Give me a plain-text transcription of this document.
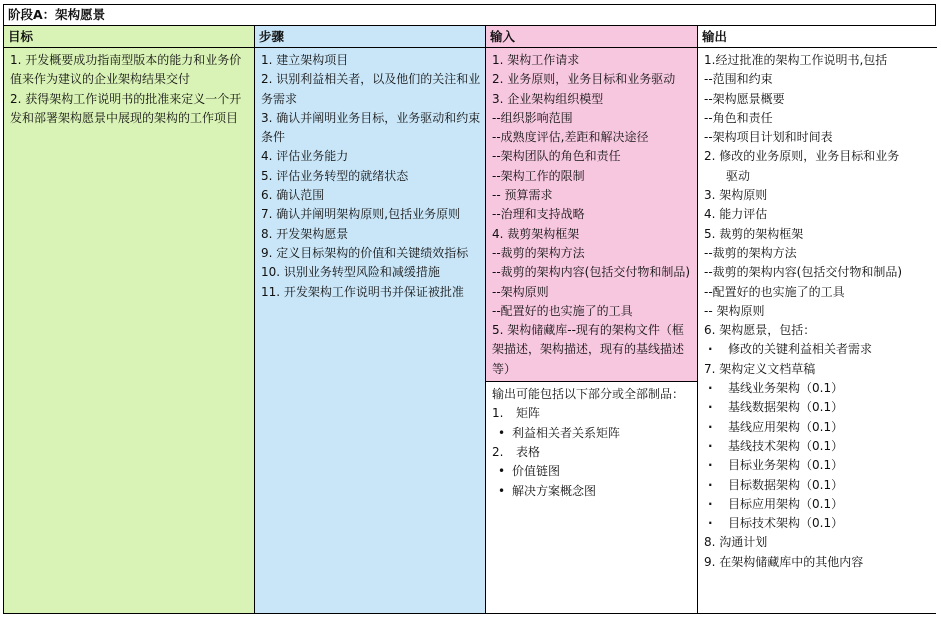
阶段A：架构愿景
目标
1. 开发概要成功指南型版本的能力和业务价值来作为建议的企业架构结果交付
2. 获得架构工作说明书的批准来定义一个开发和部署架构愿景中展现的架构的工作项目
步骤
1. 建立架构项目
2. 识别利益相关者，以及他们的关注和业务需求
3. 确认并阐明业务目标，业务驱动和约束条件
4. 评估业务能力
5. 评估业务转型的就绪状态
6. 确认范围
7. 确认并阐明架构原则,包括业务原则
8. 开发架构愿景
9. 定义目标架构的价值和关键绩效指标
10. 识别业务转型风险和减缓措施
11. 开发架构工作说明书并保证被批准
输入
1. 架构工作请求
2. 业务原则，业务目标和业务驱动
3. 企业架构组织模型
--组织影响范围
--成熟度评估,差距和解决途径
--架构团队的角色和责任
--架构工作的限制
-- 预算需求
--治理和支持战略
4. 裁剪架构框架
--裁剪的架构方法
--裁剪的架构内容(包括交付物和制品)
--架构原则
--配置好的也实施了的工具
5. 架构储藏库--现有的架构文件（框架描述，架构描述，现有的基线描述等）
输出可能包括以下部分或全部制品：
1. 矩阵
• 利益相关者关系矩阵
2. 表格
• 价值链图
• 解决方案概念图
输出
1.经过批准的架构工作说明书,包括
--范围和约束
--架构愿景概要
--角色和责任
--架构项目计划和时间表
2. 修改的业务原则，业务目标和业务
驱动
3. 架构原则
4. 能力评估
5. 裁剪的架构框架
--裁剪的架构方法
--裁剪的架构内容(包括交付物和制品)
--配置好的也实施了的工具
-- 架构原则
6. 架构愿景，包括：
· 修改的关键利益相关者需求
7. 架构定义文档草稿
· 基线业务架构（0.1）
· 基线数据架构（0.1）
· 基线应用架构（0.1）
· 基线技术架构（0.1）
· 目标业务架构（0.1）
· 目标数据架构（0.1）
· 目标应用架构（0.1）
· 目标技术架构（0.1）
8. 沟通计划
9. 在架构储藏库中的其他内容
